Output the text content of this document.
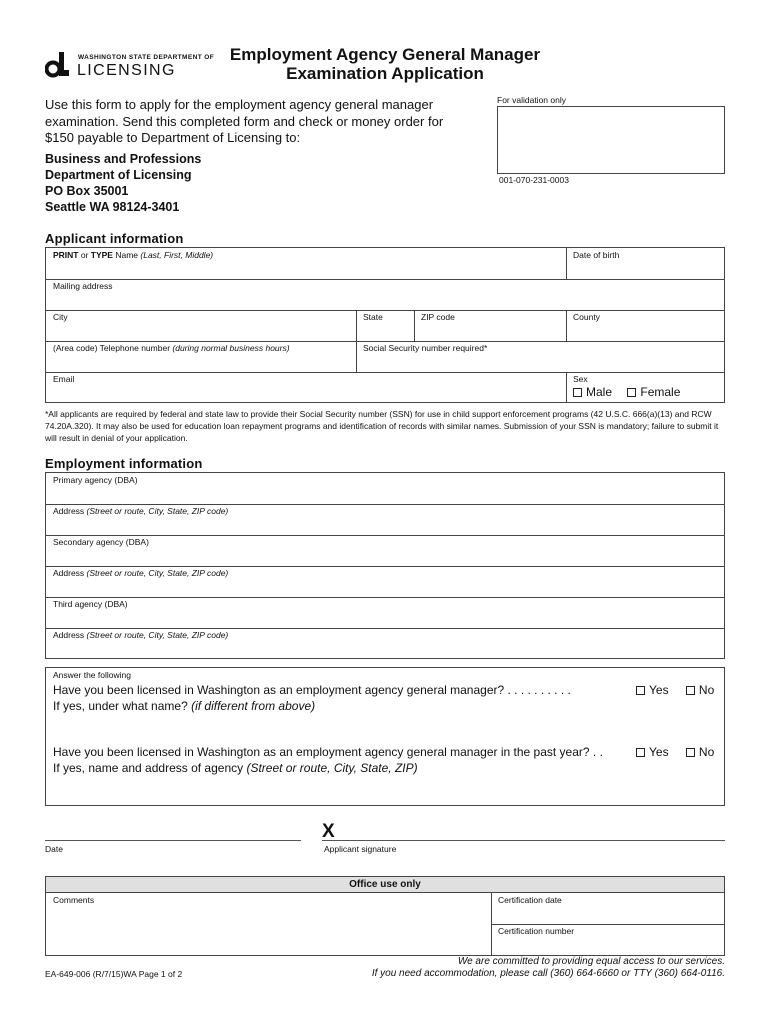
WASHINGTON STATE DEPARTMENT OF
LICENSING
Employment Agency General Manager
Examination Application
Use this form to apply for the employment agency general manager examination. Send this completed form and check or money order for $150 payable to Department of Licensing to:
Business and Professions
Department of Licensing
PO Box 35001
Seattle WA 98124-3401
For validation only
001-070-231-0003
Applicant information
PRINT or TYPE Name (Last, First, Middle)	Date of birth
Mailing address
City	State	ZIP code	County
(Area code) Telephone number (during normal business hours)	Social Security number required*
Email	Sex
Male Female
*All applicants are required by federal and state law to provide their Social Security number (SSN) for use in child support enforcement programs (42 U.S.C. 666(a)(13) and RCW 74.20A.320). It may also be used for education loan repayment programs and identification of records with similar names. Submission of your SSN is mandatory; failure to submit it will result in denial of your application.
Employment information
Primary agency (DBA)
Address (Street or route, City, State, ZIP code)
Secondary agency (DBA)
Address (Street or route, City, State, ZIP code)
Third agency (DBA)
Address (Street or route, City, State, ZIP code)
Answer the following
Have you been licensed in Washington as an employment agency general manager? . . . . . . . . . .	Yes	No
If yes, under what name? (if different from above)
Have you been licensed in Washington as an employment agency general manager in the past year? . .	Yes	No
If yes, name and address of agency (Street or route, City, State, ZIP)
Date
X
Applicant signature
Office use only
Comments	Certification date
Certification number
EA-649-006 (R/7/15)WA Page 1 of 2
We are committed to providing equal access to our services.
If you need accommodation, please call (360) 664-6660 or TTY (360) 664-0116.
